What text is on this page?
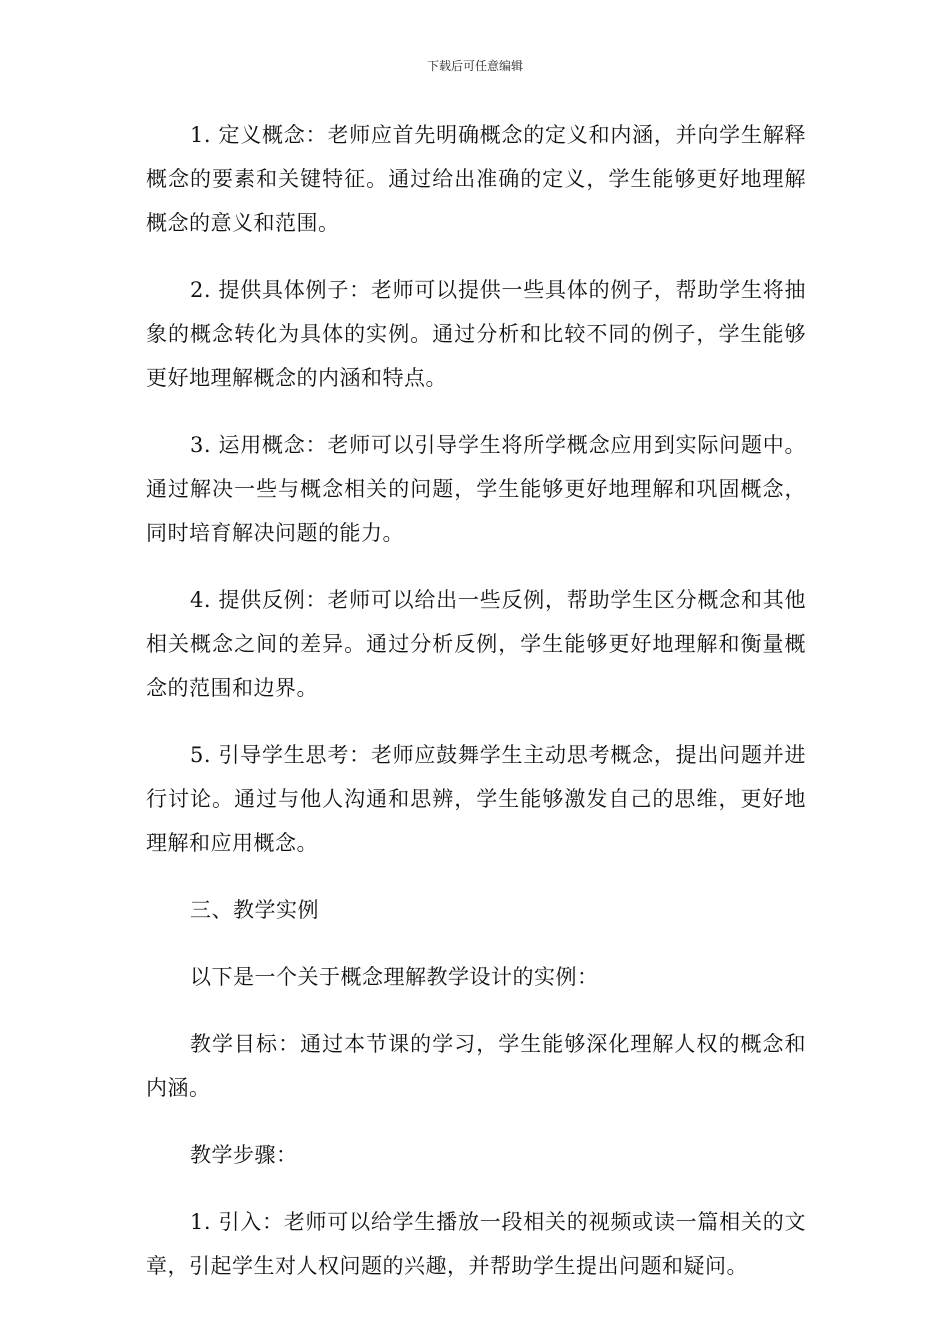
下载后可任意编辑

1. 定义概念：老师应首先明确概念的定义和内涵，并向学生解释概念的要素和关键特征。通过给出准确的定义，学生能够更好地理解概念的意义和范围。

2. 提供具体例子：老师可以提供一些具体的例子，帮助学生将抽象的概念转化为具体的实例。通过分析和比较不同的例子，学生能够更好地理解概念的内涵和特点。

3. 运用概念：老师可以引导学生将所学概念应用到实际问题中。通过解决一些与概念相关的问题，学生能够更好地理解和巩固概念，同时培育解决问题的能力。

4. 提供反例：老师可以给出一些反例，帮助学生区分概念和其他相关概念之间的差异。通过分析反例，学生能够更好地理解和衡量概念的范围和边界。

5. 引导学生思考：老师应鼓舞学生主动思考概念，提出问题并进行讨论。通过与他人沟通和思辨，学生能够激发自己的思维，更好地理解和应用概念。

三、教学实例

以下是一个关于概念理解教学设计的实例：

教学目标：通过本节课的学习，学生能够深化理解人权的概念和内涵。

教学步骤：

1. 引入：老师可以给学生播放一段相关的视频或读一篇相关的文章，引起学生对人权问题的兴趣，并帮助学生提出问题和疑问。
